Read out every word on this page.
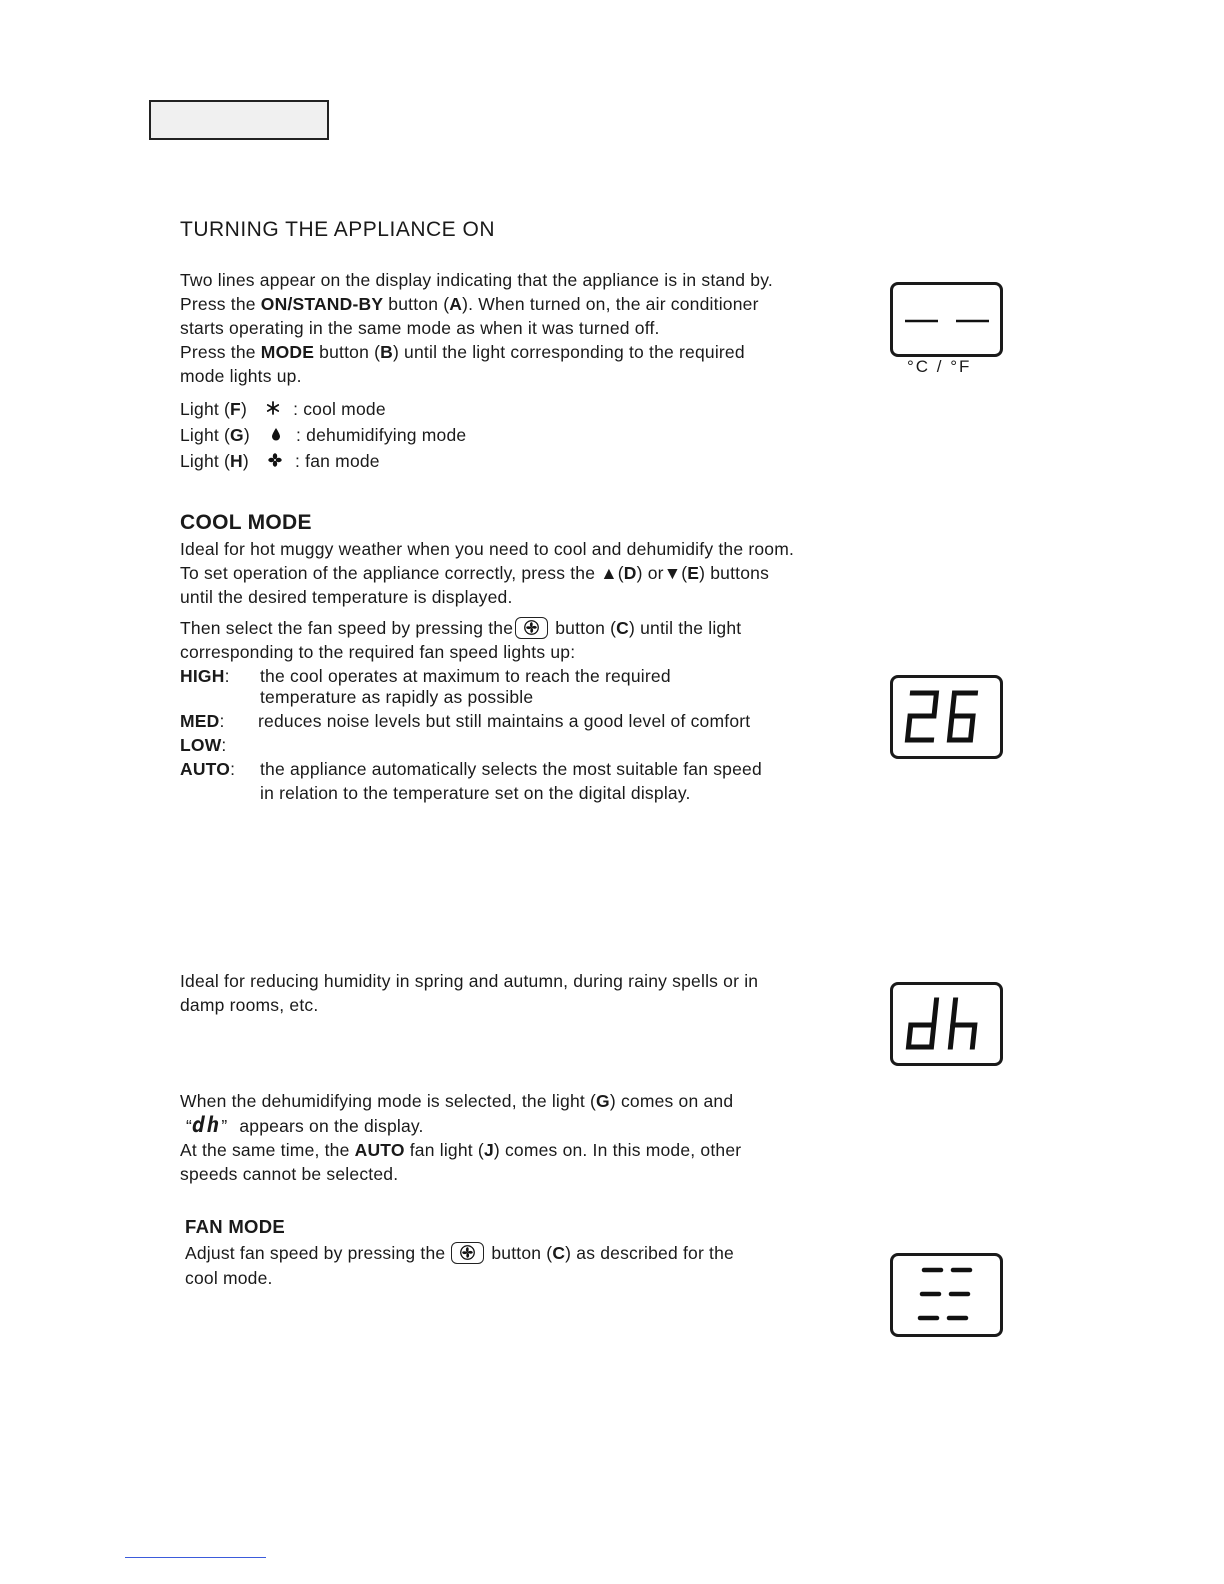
TURNING THE APPLIANCE ON
Two lines appear on the display indicating that the appliance is in stand by.
Press the ON/STAND-BY button (A). When turned on, the air conditioner
starts operating in the same mode as when it was turned off.
Press the MODE button (B) until the light corresponding to the required
mode lights up.
Light (F)	: cool mode
Light (G)	: dehumidifying mode
Light (H)	: fan mode
°C / °F
COOL MODE
Ideal for hot muggy weather when you need to cool and dehumidify the room.
To set operation of the appliance correctly, press the ▲(D) or▼(E) buttons
until the desired temperature is displayed.
Then select the fan speed by pressing the
button (C) until the light
corresponding to the required fan speed lights up:
HIGH: the cool operates at maximum to reach the required
temperature as rapidly as possible
MED: reduces noise levels but still maintains a good level of comfort
LOW:
AUTO: the appliance automatically selects the most suitable fan speed
in relation to the temperature set on the digital display.
Ideal for reducing humidity in spring and autumn, during rainy spells or in
damp rooms, etc.
When the dehumidifying mode is selected, the light (G) comes on and
“dh” appears on the display.
At the same time, the AUTO fan light (J) comes on. In this mode, other
speeds cannot be selected.
FAN MODE
Adjust fan speed by pressing the
button (C) as described for the
cool mode.
